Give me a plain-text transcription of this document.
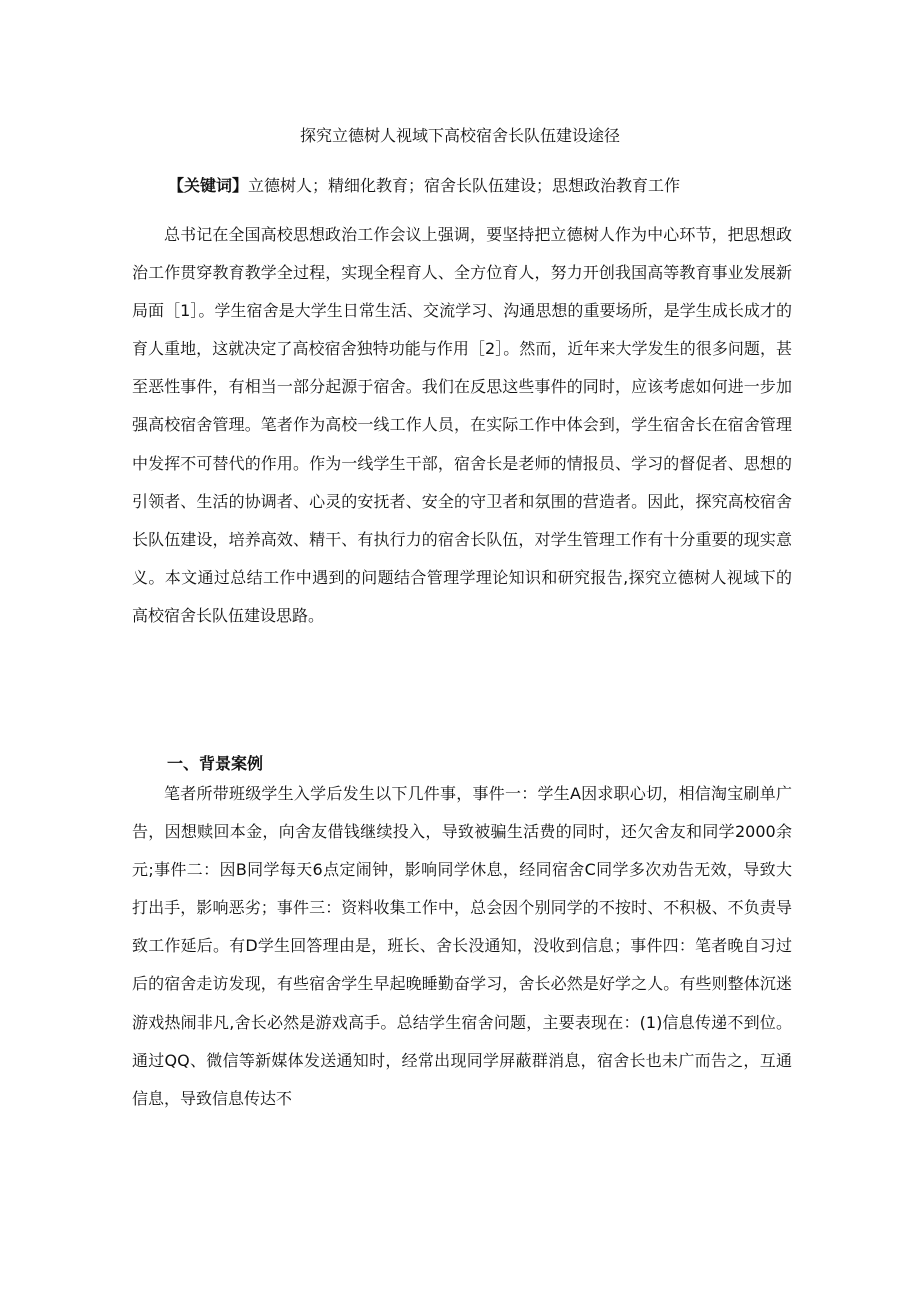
探究立德树人视域下高校宿舍长队伍建设途径
【关键词】立德树人；精细化教育；宿舍长队伍建设；思想政治教育工作

总书记在全国高校思想政治工作会议上强调，要坚持把立德树人作为中心环节，把思想政治工作贯穿教育教学全过程，实现全程育人、全方位育人，努力开创我国高等教育事业发展新局面［1］。学生宿舍是大学生日常生活、交流学习、沟通思想的重要场所，是学生成长成才的育人重地，这就决定了高校宿舍独特功能与作用［2］。然而，近年来大学发生的很多问题，甚至恶性事件，有相当一部分起源于宿舍。我们在反思这些事件的同时，应该考虑如何进一步加强高校宿舍管理。笔者作为高校一线工作人员，在实际工作中体会到，学生宿舍长在宿舍管理中发挥不可替代的作用。作为一线学生干部，宿舍长是老师的情报员、学习的督促者、思想的引领者、生活的协调者、心灵的安抚者、安全的守卫者和氛围的营造者。因此，探究高校宿舍长队伍建设，培养高效、精干、有执行力的宿舍长队伍，对学生管理工作有十分重要的现实意义。本文通过总结工作中遇到的问题结合管理学理论知识和研究报告,探究立德树人视域下的高校宿舍长队伍建设思路。

一、背景案例

笔者所带班级学生入学后发生以下几件事，事件一：学生A因求职心切，相信淘宝刷单广告，因想赎回本金，向舍友借钱继续投入，导致被骗生活费的同时，还欠舍友和同学2000余元;事件二：因B同学每天6点定闹钟，影响同学休息，经同宿舍C同学多次劝告无效，导致大打出手，影响恶劣；事件三：资料收集工作中，总会因个别同学的不按时、不积极、不负责导致工作延后。有D学生回答理由是，班长、舍长没通知，没收到信息；事件四：笔者晚自习过后的宿舍走访发现，有些宿舍学生早起晚睡勤奋学习，舍长必然是好学之人。有些则整体沉迷游戏热闹非凡,舍长必然是游戏高手。总结学生宿舍问题，主要表现在：(1)信息传递不到位。通过QQ、微信等新媒体发送通知时，经常出现同学屏蔽群消息，宿舍长也未广而告之，互通信息，导致信息传达不
